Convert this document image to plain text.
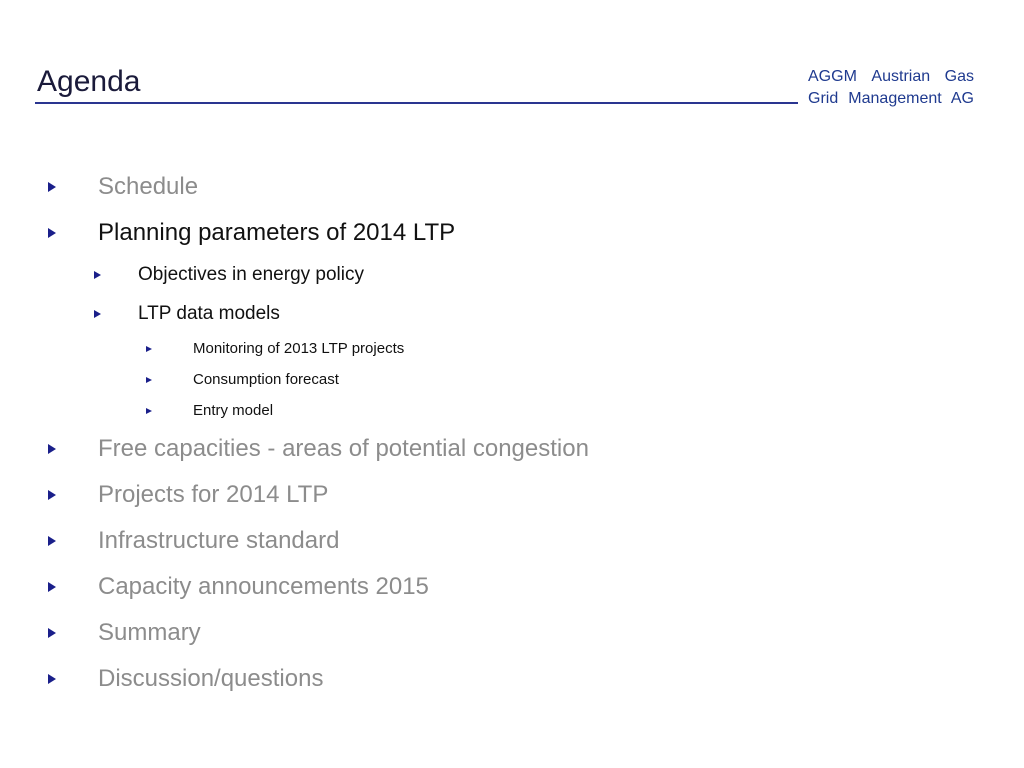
Agenda	AGGM Austrian Gas
Grid Management AG
Schedule
Planning parameters of 2014 LTP
Objectives in energy policy
LTP data models
Monitoring of 2013 LTP projects
Consumption forecast
Entry model
Free capacities - areas of potential congestion
Projects for 2014 LTP
Infrastructure standard
Capacity announcements 2015
Summary
Discussion/questions
